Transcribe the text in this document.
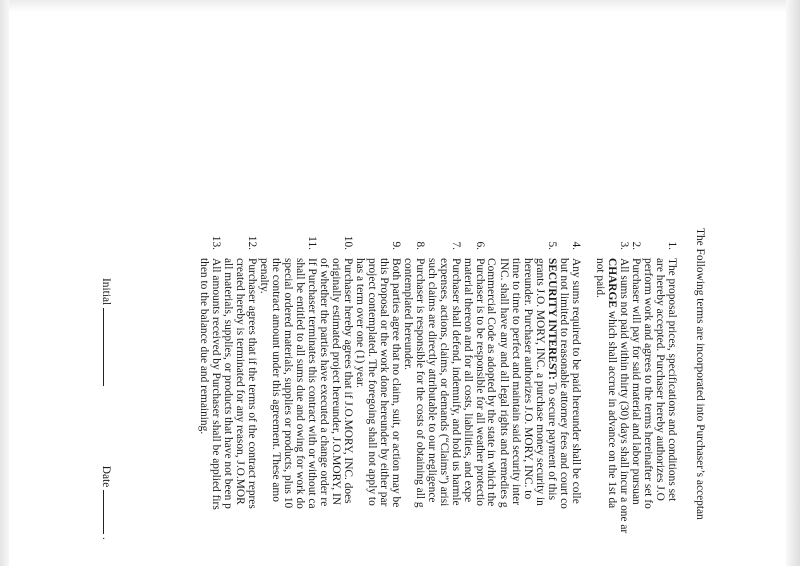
The Following terms are incorporated into Purchaser’s acceptan
1.
The proposal prices, specifications and conditions set
are hereby accepted. Purchaser hereby authorizes J.O
perform work and agrees to the terms hereinafter set fo
2.
Purchaser will pay for said material and labor pursuan
3.
All sums not paid within thirty (30) days shall incur a one ar
CHARGE which shall accrue in advance on the 1st da
not paid.
4.
Any sums required to be paid hereunder shall be colle
but not limited to reasonable attorney fees and court co
5.
SECURITY INTEREST: To secure payment of this
grants J.O. MORY, INC. a purchase money security in
hereunder. Purchaser authorizes J.O. MORY, INC. to
time to time to perfect and maintain said security inter
INC. shall have any and all legal rights and remedies g
Commercial Code as adopted by the state in which the
6.
Purchaser is to be responsible for all weather protectio
material thereon and for all costs, liabilities, and expe
7.
Purchaser shall defend, indemnify, and hold us harmle
expenses, actions, claims, or demands (“Claims”) arisi
such claims are directly attributable to our negligence
8.
Purchaser is responsible for the costs of obtaining all g
contemplated hereunder.
9.
Both parties agree that no claim, suit, or action may be
this Proposal or the work done hereunder by either par
project contemplated. The foregoing shall not apply to
has a term over one (1) year.
10.
Purchaser hereby agrees that if J.O.MORY, INC. does
originally estimated project hereunder, J.O.MORY, IN
of whether the parties have executed a change order re
11.
If Purchaser terminates this contract with or without ca
shall be entitled to all sums due and owing for work do
special ordered materials, supplies or products, plus 10
the contract amount under this agreement. These amo
penalty.
12.
Purchaser agrees that if the terms of the contract repres
created hereby is terminated for any reason, J.O.MOR
all materials, supplies, or products that have not been p
13.
All amounts received by Purchaser shall be applied firs
then to the balance due and remaining.
Initial   Date  .
